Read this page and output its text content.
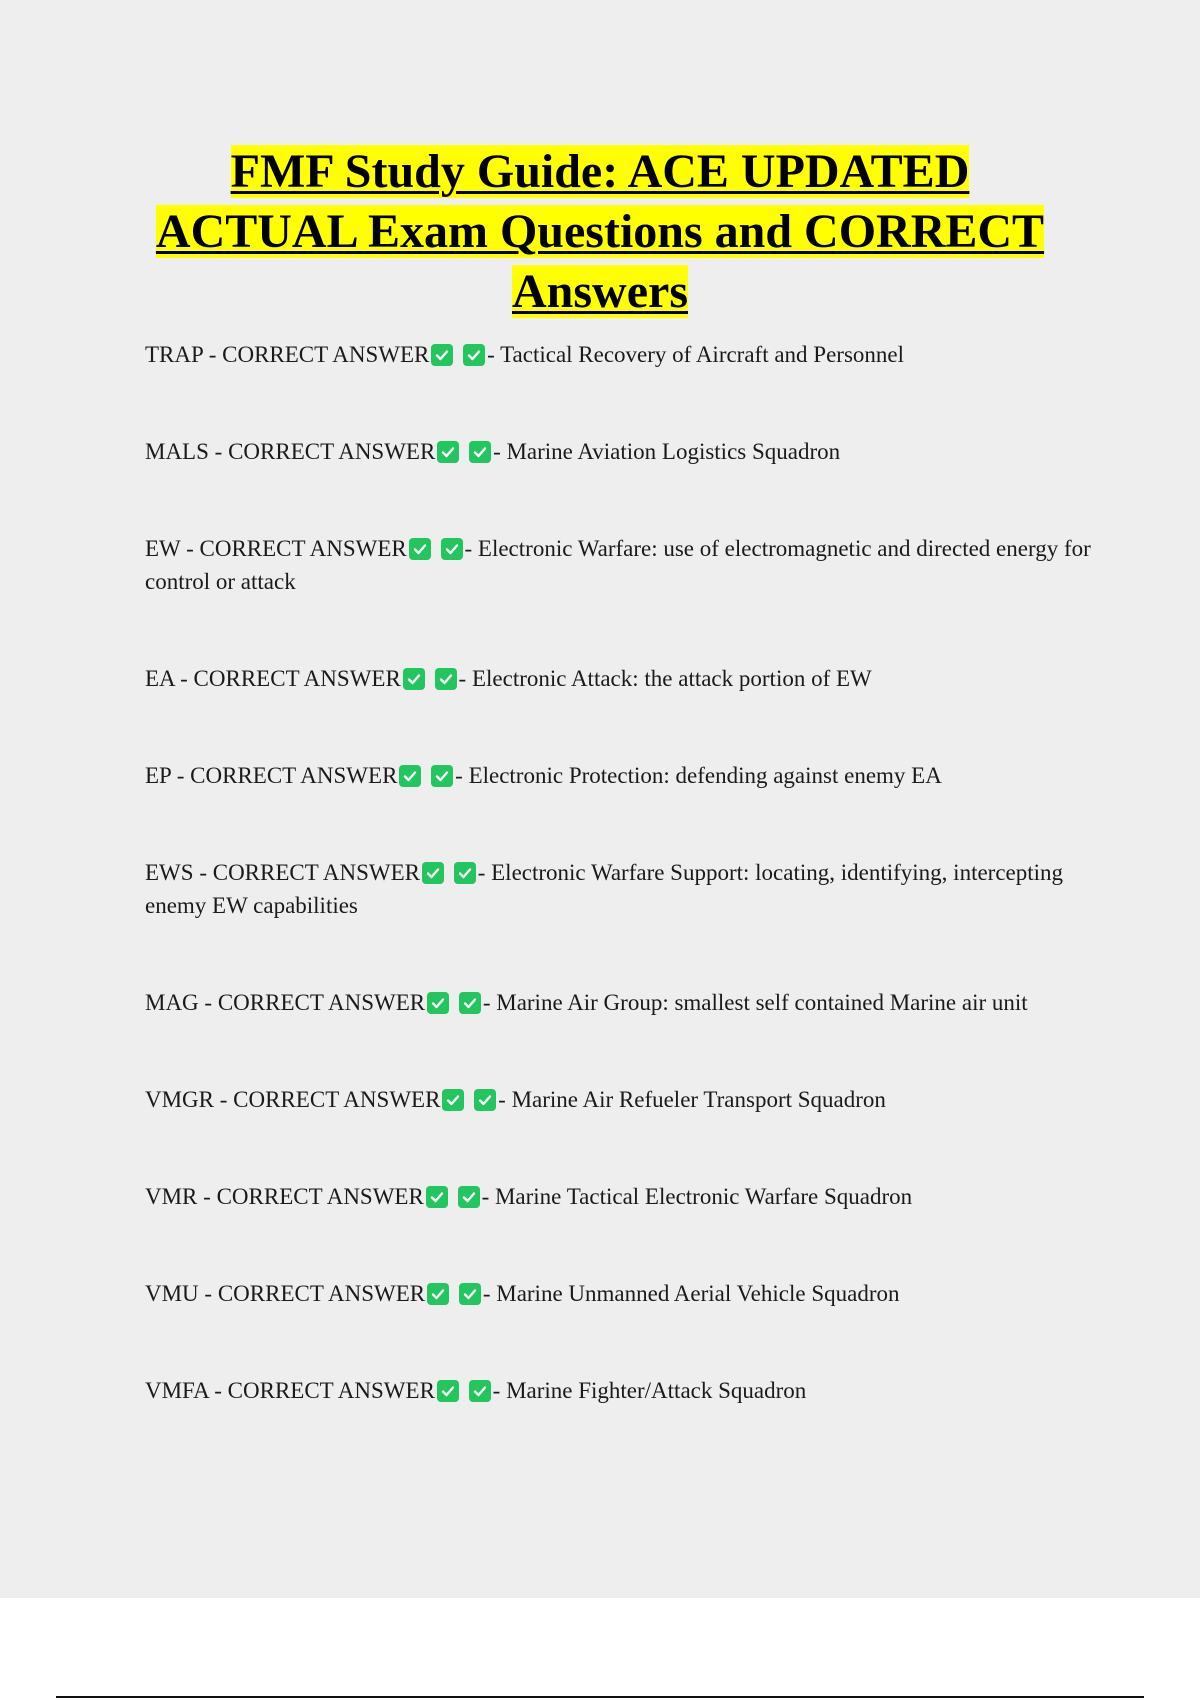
FMF Study Guide: ACE UPDATED
ACTUAL Exam Questions and CORRECT
Answers
TRAP - CORRECT ANSWER
	- Tactical Recovery of Aircraft and Personnel
MALS - CORRECT ANSWER
	- Marine Aviation Logistics Squadron
EW - CORRECT ANSWER
	- Electronic Warfare: use of electromagnetic and directed energy for control or attack
EA - CORRECT ANSWER
	- Electronic Attack: the attack portion of EW
EP - CORRECT ANSWER
	- Electronic Protection: defending against enemy EA
EWS - CORRECT ANSWER
	- Electronic Warfare Support: locating, identifying, intercepting enemy EW capabilities
MAG - CORRECT ANSWER
	- Marine Air Group: smallest self contained Marine air unit
VMGR - CORRECT ANSWER
	- Marine Air Refueler Transport Squadron
VMR - CORRECT ANSWER
	- Marine Tactical Electronic Warfare Squadron
VMU - CORRECT ANSWER
	- Marine Unmanned Aerial Vehicle Squadron
VMFA - CORRECT ANSWER
	- Marine Fighter/Attack Squadron
